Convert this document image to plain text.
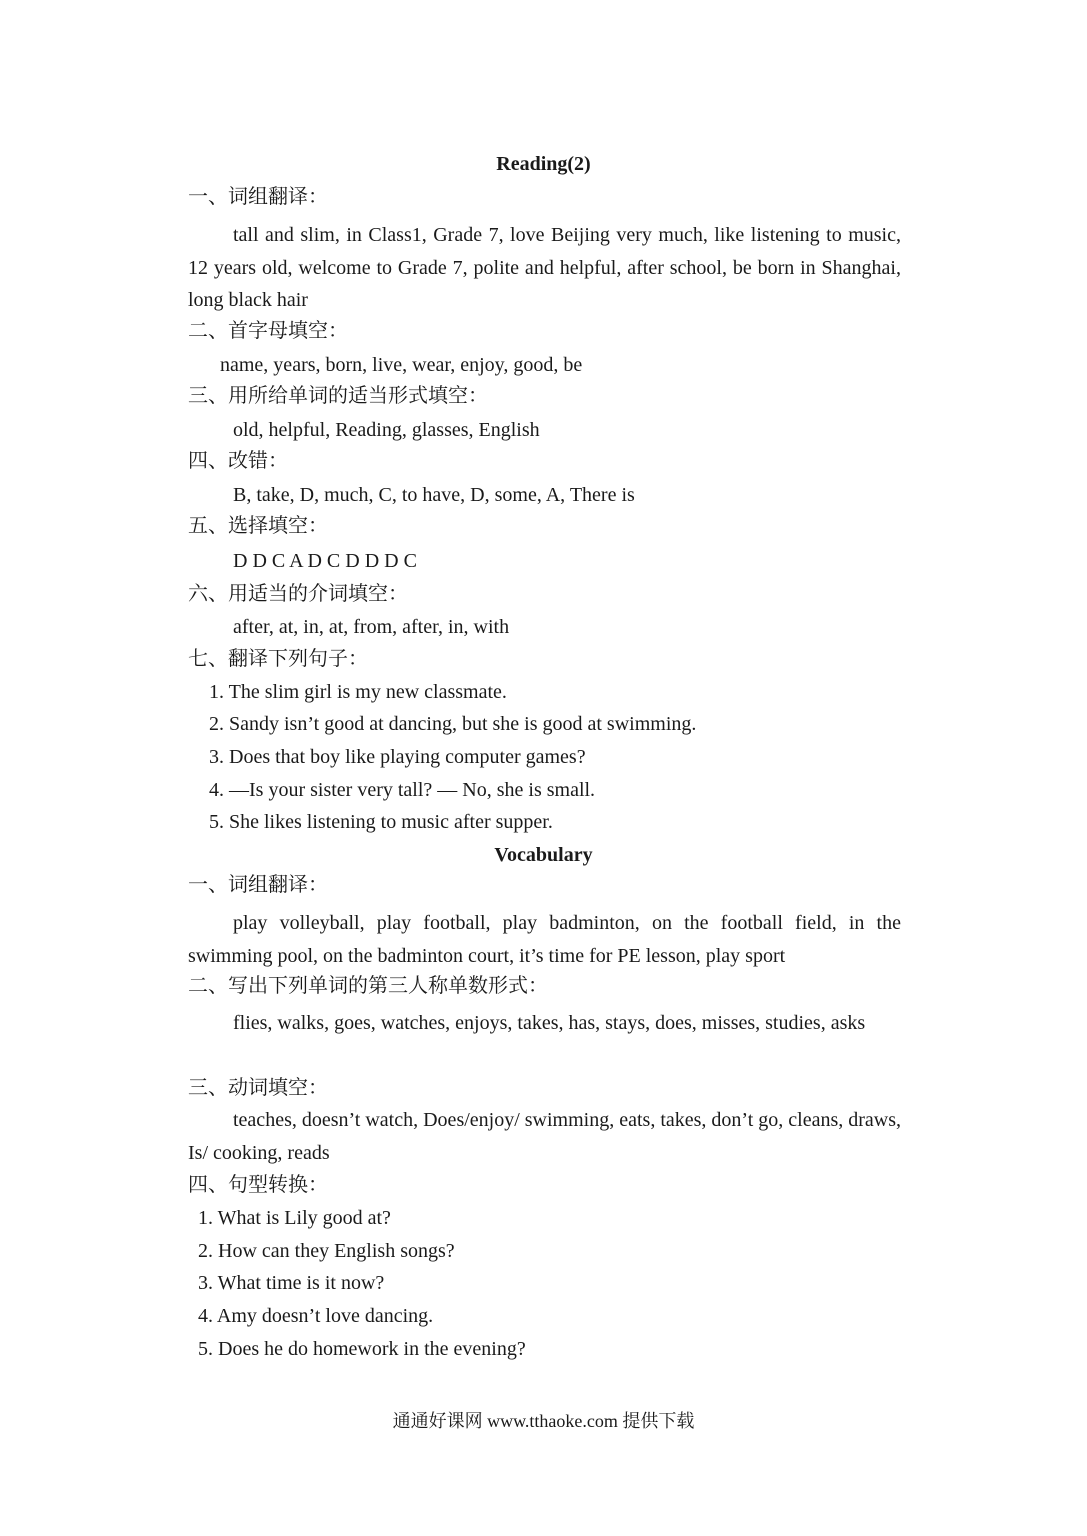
Reading(2)
一、词组翻译：

tall and slim, in Class1, Grade 7, love Beijing very much, like listening to music, 12 years old, welcome to Grade 7, polite and helpful, after school, be born in Shanghai, long black hair

二、首字母填空：
name, years, born, live, wear, enjoy, good, be
三、用所给单词的适当形式填空：
old, helpful, Reading, glasses, English
四、改错：
B, take, D, much, C, to have, D, some, A, There is
五、选择填空：
D D C A D C D D D C
六、用适当的介词填空：
after, at, in, at, from, after, in, with
七、翻译下列句子：
1. The slim girl is my new classmate.
2. Sandy isn’t good at dancing, but she is good at swimming.
3. Does that boy like playing computer games?
4. —Is your sister very tall? — No, she is small.
5. She likes listening to music after supper.
Vocabulary
一、词组翻译：

play volleyball, play football, play badminton, on the football field, in the swimming pool, on the badminton court, it’s time for PE lesson, play sport

二、写出下列单词的第三人称单数形式：

flies, walks, goes, watches, enjoys, takes, has, stays, does, misses, studies, asks

三、动词填空：

teaches, doesn’t watch, Does/enjoy/ swimming, eats, takes, don’t go, cleans, draws, Is/ cooking, reads

四、句型转换：
1. What is Lily good at?
2. How can they English songs?
3. What time is it now?
4. Amy doesn’t love dancing.
5. Does he do homework in the evening?
通通好课网 www.tthaoke.com 提供下载
